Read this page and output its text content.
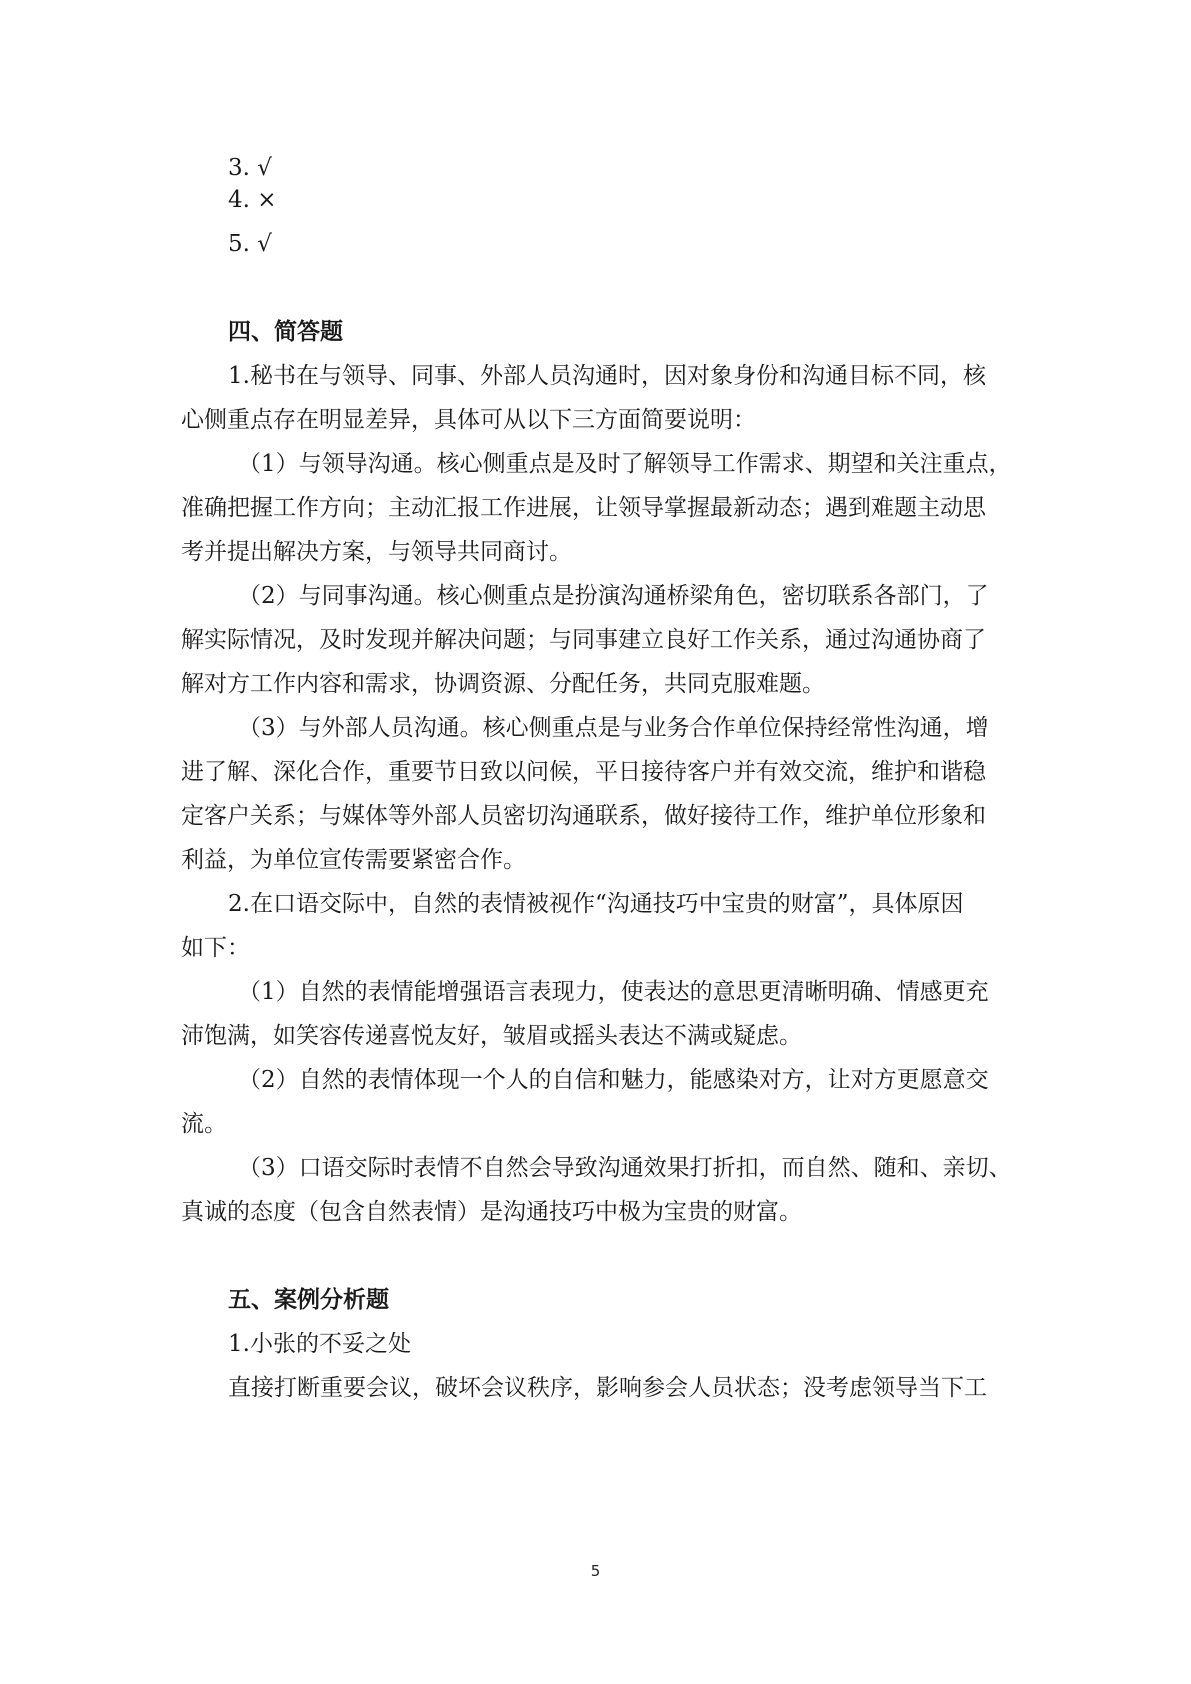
3. √
4. ×
5. √
四、简答题
1.秘书在与领导、同事、外部人员沟通时，因对象身份和沟通目标不同，核
心侧重点存在明显差异，具体可从以下三方面简要说明：
（1）与领导沟通。核心侧重点是及时了解领导工作需求、期望和关注重点，
准确把握工作方向；主动汇报工作进展，让领导掌握最新动态；遇到难题主动思
考并提出解决方案，与领导共同商讨。
（2）与同事沟通。核心侧重点是扮演沟通桥梁角色，密切联系各部门，了
解实际情况，及时发现并解决问题；与同事建立良好工作关系，通过沟通协商了
解对方工作内容和需求，协调资源、分配任务，共同克服难题。
（3）与外部人员沟通。核心侧重点是与业务合作单位保持经常性沟通，增
进了解、深化合作，重要节日致以问候，平日接待客户并有效交流，维护和谐稳
定客户关系；与媒体等外部人员密切沟通联系，做好接待工作，维护单位形象和
利益，为单位宣传需要紧密合作。
2.在口语交际中，自然的表情被视作“沟通技巧中宝贵的财富”，具体原因
如下：
（1）自然的表情能增强语言表现力，使表达的意思更清晰明确、情感更充
沛饱满，如笑容传递喜悦友好，皱眉或摇头表达不满或疑虑。
（2）自然的表情体现一个人的自信和魅力，能感染对方，让对方更愿意交
流。
（3）口语交际时表情不自然会导致沟通效果打折扣，而自然、随和、亲切、
真诚的态度（包含自然表情）是沟通技巧中极为宝贵的财富。
五、案例分析题
1.小张的不妥之处
直接打断重要会议，破坏会议秩序，影响参会人员状态；没考虑领导当下工
5
